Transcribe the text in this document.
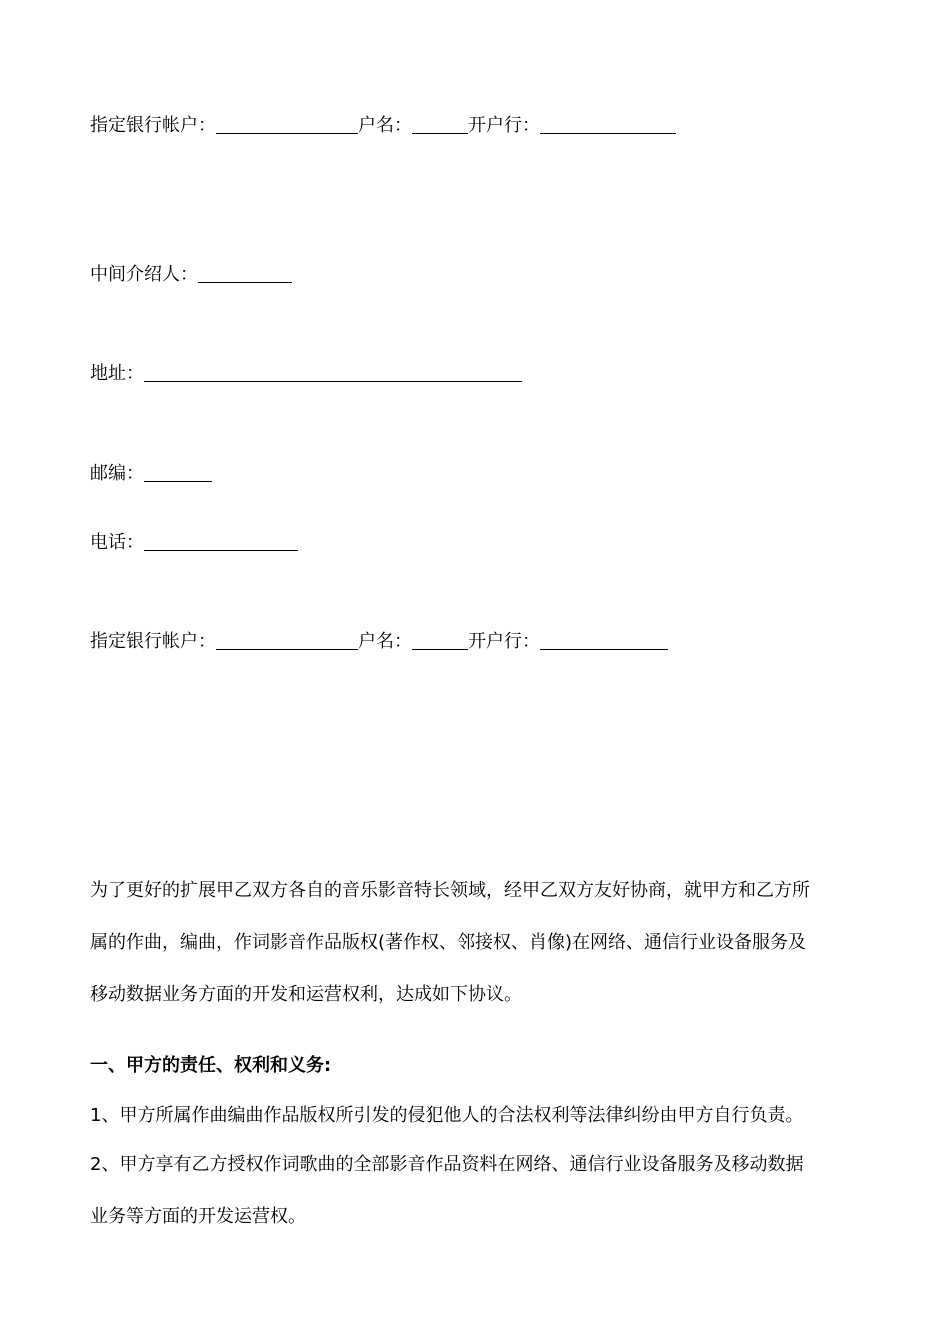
指定银行帐户：	户名：	开户行：
中间介绍人：
地址：
邮编：
电话：
指定银行帐户：	户名：	开户行：
为了更好的扩展甲乙双方各自的音乐影音特长领域，经甲乙双方友好协商，就甲方和乙方所
属的作曲，编曲，作词影音作品版权(著作权、邻接权、肖像)在网络、通信行业设备服务及
移动数据业务方面的开发和运营权利，达成如下协议。
一、甲方的责任、权利和义务:
1、甲方所属作曲编曲作品版权所引发的侵犯他人的合法权利等法律纠纷由甲方自行负责。
2、甲方享有乙方授权作词歌曲的全部影音作品资料在网络、通信行业设备服务及移动数据
业务等方面的开发运营权。
